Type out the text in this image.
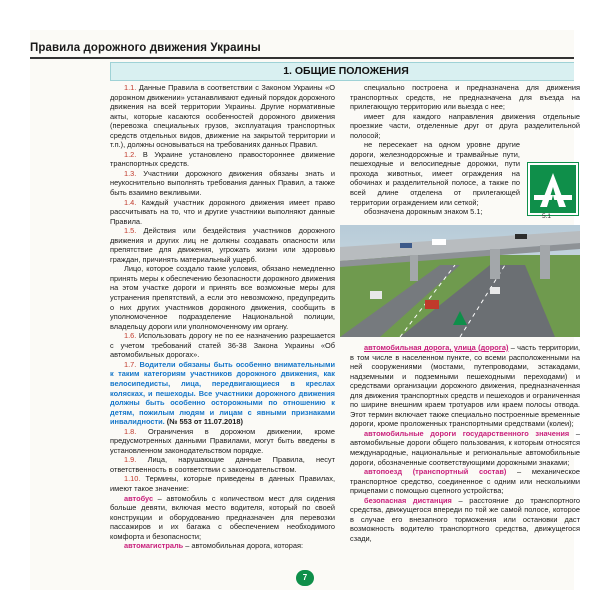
Правила дорожного движения Украины
1. ОБЩИЕ ПОЛОЖЕНИЯ

1.1. Данные Правила в соответствии с Законом Украины «О дорожном движении» устанавливают единый порядок дорожного движения на всей территории Украины. Другие нормативные акты, которые касаются особенностей дорожного движения (перевозка специальных грузов, эксплуатация транспортных средств отдельных видов, движение на закрытой территории и т.п.), должны основываться на требованиях данных Правил.

1.2. В Украине установлено правостороннее движение транспортных средств.

1.3. Участники дорожного движения обязаны знать и неукоснительно выполнять требования данных Правил, а также быть взаимно вежливыми.

1.4. Каждый участник дорожного движения имеет право рассчитывать на то, что и другие участники выполняют данные Правила.

1.5. Действия или бездействия участников дорожного движения и других лиц не должны создавать опасности или препятствие для движения, угрожать жизни или здоровью граждан, причинять материальный ущерб.

Лицо, которое создало такие условия, обязано немедленно принять меры к обеспечению безопасности дорожного движения на этом участке дороги и принять все возможные меры для устранения препятствий, а если это невозможно, предупредить о них других участников дорожного движения, сообщить в уполномоченное подразделение Национальной полиции, владельцу дороги или уполномоченному им органу.

1.6. Использовать дорогу не по ее назначению разрешается с учетом требований статей 36-38 Закона Украины «Об автомобильных дорогах».

1.7. Водители обязаны быть особенно внимательными к таким категориям участников дорожного движения, как велосипедисты, лица, передвигающиеся в креслах колясках, и пешеходы. Все участники дорожного движения должны быть особенно осторожными по отношению к детям, пожилым людям и лицам с явными признаками инвалидности. (№ 553 от 11.07.2018)

1.8. Ограничения в дорожном движении, кроме предусмотренных данными Правилами, могут быть введены в установленном законодательством порядке.

1.9. Лица, нарушающие данные Правила, несут ответственность в соответствии с законодательством.

1.10. Термины, которые приведены в данных Правилах, имеют такое значение:

автобус – автомобиль с количеством мест для сидения больше девяти, включая место водителя, который по своей конструкции и оборудованию предназначен для перевозки пассажиров и их багажа с обеспечением необходимого комфорта и безопасности;

автомагистраль – автомобильная дорога, которая:

специально построена и предназначена для движения транспортных средств, не предназначена для въезда на прилегающую территорию или выезда с нее;

имеет для каждого направления движения отдельные проезжие части, отделенные друг от друга разделительной полосой;

не пересекает на одном уровне другие дороги, железнодорожные и трамвайные пути, пешеходные и велосипедные дорожки, пути прохода животных, имеет ограждения на обочинах и разделительной полосе, а также по всей длине отделена от прилегающей территории ограждением или сеткой;

обозначена дорожным знаком 5.1;

5.1

автомобильная дорога, улица (дорога) – часть территории, в том числе в населенном пункте, со всеми расположенными на ней сооружениями (мостами, путепроводами, эстакадами, надземными и подземными пешеходными переходами) и средствами организации дорожного движения, предназначенная для движения транспортных средств и пешеходов и ограниченная по ширине внешним краем тротуаров или краем полосы отвода. Этот термин включает также специально построенные временные дороги, кроме проложенных транспортными средствами (колеи);

автомобильные дороги государственного значения – автомобильные дороги общего пользования, к которым относятся международные, национальные и региональные автомобильные дороги, обозначенные соответствующими дорожными знаками;

автопоезд (транспортный состав) – механическое транспортное средство, соединенное с одним или несколькими прицепами с помощью сцепного устройства;

безопасная дистанция – расстояние до транспортного средства, движущегося впереди по той же самой полосе, которое в случае его внезапного торможения или остановки даст возможность водителю транспортного средства, движущегося сзади,

7
